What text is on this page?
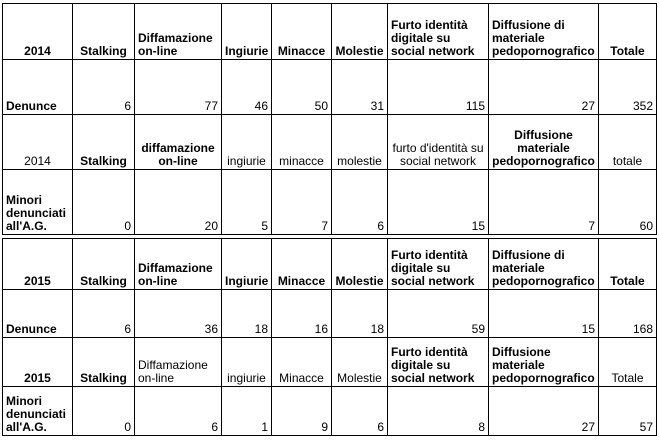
2014	Stalking	Diffamazione on-line	Ingiurie	Minacce	Molestie	Furto identità digitale su social network	Diffusione di materiale pedopornografico	Totale
Denunce	6	77	46	50	31	115	27	352
2014	Stalking	diffamazione on-line	ingiurie	minacce	molestie	furto d'identità su social network	Diffusione materiale pedopornografico	totale
Minori denunciati all'A.G.	0	20	5	7	6	15	7	60
2015	Stalking	Diffamazione on-line	Ingiurie	Minacce	Molestie	Furto identità digitale su social network	Diffusione di materiale pedopornografico	Totale
Denunce	6	36	18	16	18	59	15	168
2015	Stalking	Diffamazione on-line	ingiurie	Minacce	Molestie	Furto identità digitale su social network	Diffusione materiale pedopornografico	Totale
Minori denunciati all'A.G.	0	6	1	9	6	8	27	57
